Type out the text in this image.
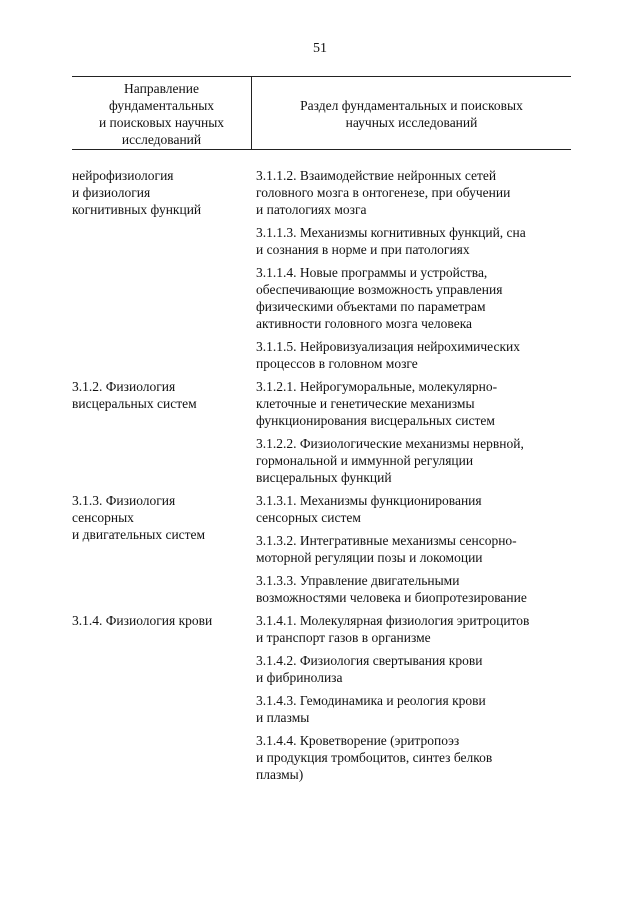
51
Направление
фундаментальных
и поисковых научных
исследований
Раздел фундаментальных и поисковых
научных исследований
нейрофизиология
и физиология
когнитивных функций
3.1.1.2. Взаимодействие нейронных сетей
головного мозга в онтогенезе, при обучении
и патологиях мозга
3.1.1.3. Механизмы когнитивных функций, сна
и сознания в норме и при патологиях
3.1.1.4. Новые программы и устройства,
обеспечивающие возможность управления
физическими объектами по параметрам
активности головного мозга человека
3.1.1.5. Нейровизуализация нейрохимических
процессов в головном мозге
3.1.2. Физиология
висцеральных систем
3.1.2.1. Нейрогуморальные, молекулярно-
клеточные и генетические механизмы
функционирования висцеральных систем
3.1.2.2. Физиологические механизмы нервной,
гормональной и иммунной регуляции
висцеральных функций
3.1.3. Физиология
сенсорных
и двигательных систем
3.1.3.1. Механизмы функционирования
сенсорных систем
3.1.3.2. Интегративные механизмы сенсорно-
моторной регуляции позы и локомоции
3.1.3.3. Управление двигательными
возможностями человека и биопротезирование
3.1.4. Физиология крови	3.1.4.1. Молекулярная физиология эритроцитов
и транспорт газов в организме
3.1.4.2. Физиология свертывания крови
и фибринолиза
3.1.4.3. Гемодинамика и реология крови
и плазмы
3.1.4.4. Кроветворение (эритропоэз
и продукция тромбоцитов, синтез белков
плазмы)
